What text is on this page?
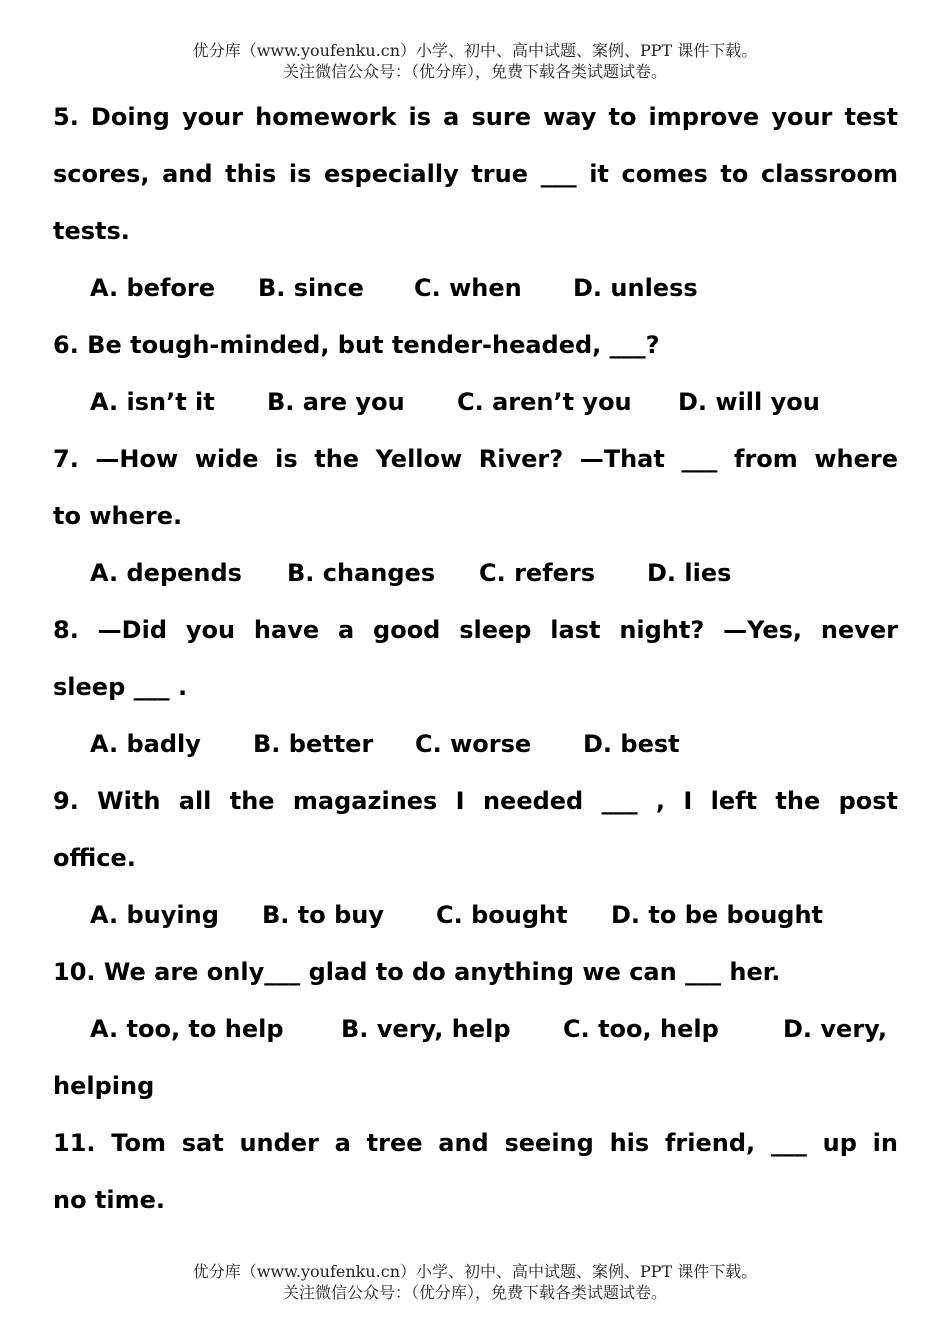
优分库（www.youfenku.cn）小学、初中、高中试题、案例、PPT 课件下载。
关注微信公众号：（优分库），免费下载各类试题试卷。
5. Doing your homework is a sure way to improve your test
scores, and this is especially true ___ it comes to classroom
tests.
A. before B. since C. when D. unless
6. Be tough-minded, but tender-headed, ___?
A. isn’t it B. are you C. aren’t you D. will you
7. —How wide is the Yellow River? —That ___ from where
to where.
A. depends B. changes C. refers D. lies
8. —Did you have a good sleep last night? —Yes, never
sleep ___ .
A. badly B. better C. worse D. best
9. With all the magazines I needed ___ , I left the post
office.
A. buying B. to buy C. bought D. to be bought
10. We are only___ glad to do anything we can ___ her.
A. too, to help B. very, help C. too, help	D. very,
helping
11. Tom sat under a tree and seeing his friend, ___ up in
no time.
优分库（www.youfenku.cn）小学、初中、高中试题、案例、PPT 课件下载。
关注微信公众号：（优分库），免费下载各类试题试卷。
